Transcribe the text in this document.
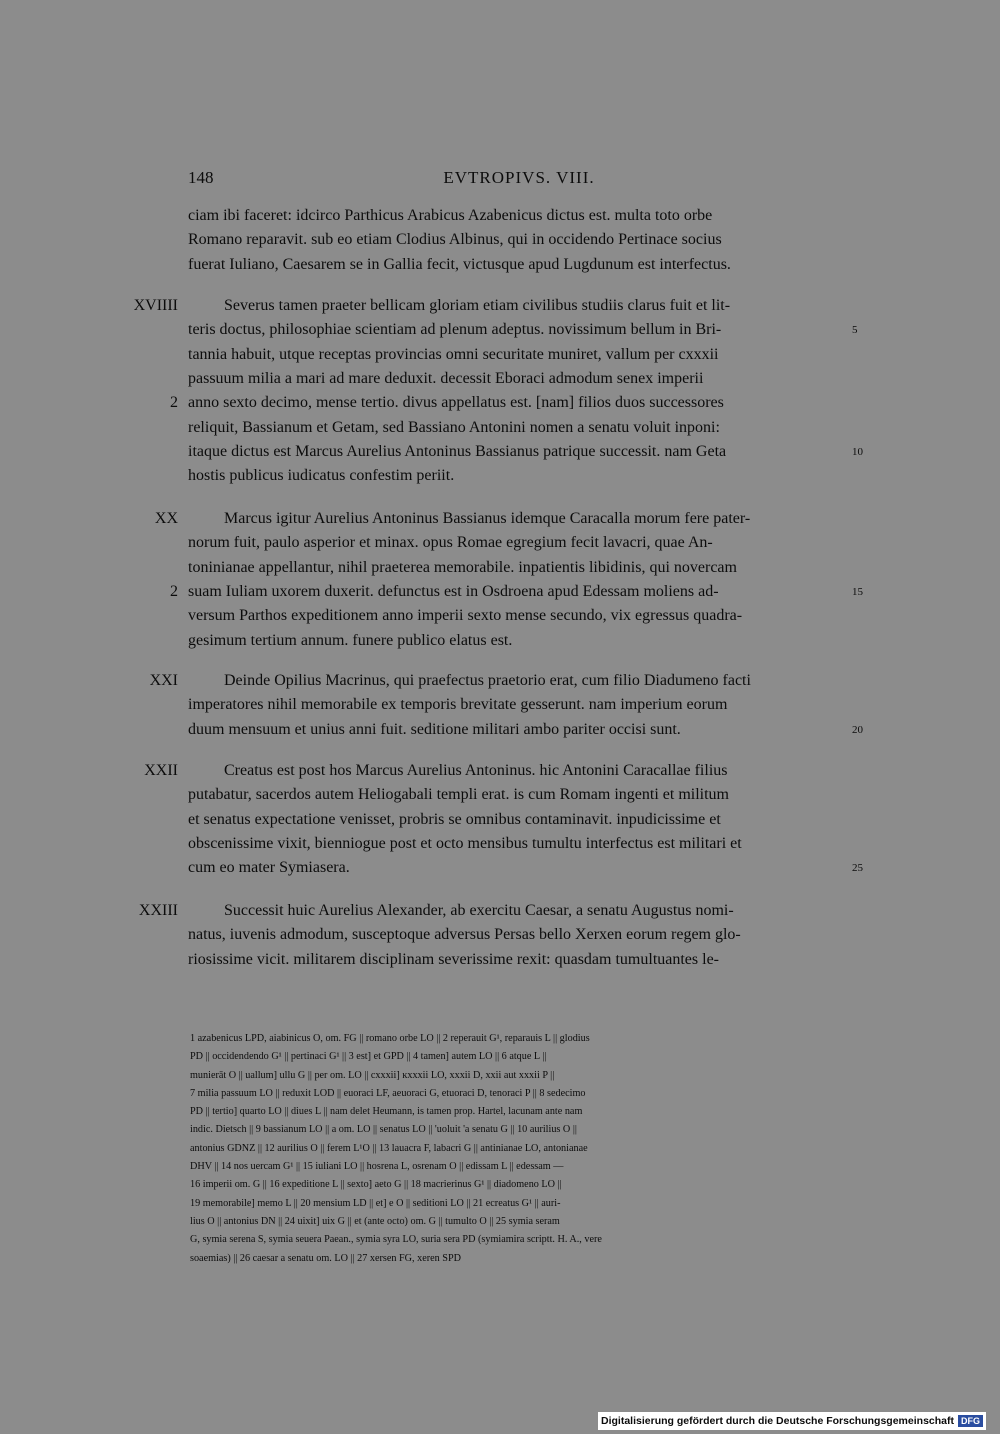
148	EVTROPIVS. VIII.
ciam ibi faceret: idcirco Parthicus Arabicus Azabenicus dictus est. multa toto orbe
Romano reparavit. sub eo etiam Clodius Albinus, qui in occidendo Pertinace socius
fuerat Iuliano, Caesarem se in Gallia fecit, victusque apud Lugdunum est interfectus.
XVIIII	Severus tamen praeter bellicam gloriam etiam civilibus studiis clarus fuit et lit-
teris doctus, philosophiae scientiam ad plenum adeptus. novissimum bellum in Bri-	5
tannia habuit, utque receptas provincias omni securitate muniret, vallum per cxxxii
passuum milia a mari ad mare deduxit. decessit Eboraci admodum senex imperii
anno sexto decimo, mense tertio. divus appellatus est. [nam] filios duos successores
2
reliquit, Bassianum et Getam, sed Bassiano Antonini nomen a senatu voluit inponi:
itaque dictus est Marcus Aurelius Antoninus Bassianus patrique successit. nam Geta	10
hostis publicus iudicatus confestim periit.
XX	Marcus igitur Aurelius Antoninus Bassianus idemque Caracalla morum fere pater-
norum fuit, paulo asperior et minax. opus Romae egregium fecit lavacri, quae An-
toninianae appellantur, nihil praeterea memorabile. inpatientis libidinis, qui novercam
suam Iuliam uxorem duxerit. defunctus est in Osdroena apud Edessam moliens ad-
2	15
versum Parthos expeditionem anno imperii sexto mense secundo, vix egressus quadra-
gesimum tertium annum. funere publico elatus est.
XXI	Deinde Opilius Macrinus, qui praefectus praetorio erat, cum filio Diadumeno facti
imperatores nihil memorabile ex temporis brevitate gesserunt. nam imperium eorum
duum mensuum et unius anni fuit. seditione militari ambo pariter occisi sunt.	20
XXII	Creatus est post hos Marcus Aurelius Antoninus. hic Antonini Caracallae filius
putabatur, sacerdos autem Heliogabali templi erat. is cum Romam ingenti et militum
et senatus expectatione venisset, probris se omnibus contaminavit. inpudicissime et
obscenissime vixit, bienniogue post et octo mensibus tumultu interfectus est militari et
cum eo mater Symiasera.	25
XXIII	Successit huic Aurelius Alexander, ab exercitu Caesar, a senatu Augustus nomi-
natus, iuvenis admodum, susceptoque adversus Persas bello Xerxen eorum regem glo-
riosissime vicit. militarem disciplinam severissime rexit: quasdam tumultuantes le-
1 azabenicus LPD, aiabinicus O, om. FG || romano orbe LO || 2 reperauit G¹, reparauis L || glodius
PD || occidendendo G¹ || pertinaci G¹ || 3 est] et GPD || 4 tamen] autem LO || 6 atque L ||
munierāt O || uallum] ullu G || per om. LO || cxxxii] ĸxxxii LO, xxxii D, xxii aut xxxii P ||
7 milia passuum LO || reduxit LOD || euoraci LF, aeuoraci G, etuoraci D, tenoraci P || 8 sedecimo
PD || tertio] quarto LO || diues L || nam delet Heumann, is tamen prop. Hartel, lacunam ante nam
indic. Dietsch || 9 bassianum LO || a om. LO || senatus LO || 'uoluit 'a senatu G || 10 aurilius O ||
antonius GDNZ || 12 aurilius O || ferem L¹O || 13 lauacra F, labacri G || antinianae LO, antonianae
DHV || 14 nos uercam G¹ || 15 iuliani LO || hosrena L, osrenam O || edissam L || edessam —
16 imperii om. G || 16 expeditione L || sexto] aeto G || 18 macrierinus G¹ || diadomeno LO ||
19 memorabile] memo L || 20 mensium LD || et] e O || seditioni LO || 21 ecreatus G¹ || auri-
lius O || antonius DN || 24 uixit] uix G || et (ante octo) om. G || tumulto O || 25 symia seram
G, symia serena S, symia seuera Paean., symia syra LO, suria sera PD (symiamira scriptt. H. A., vere
soaemias) || 26 caesar a senatu om. LO || 27 xersen FG, xeren SPD
Digitalisierung gefördert durch die Deutsche Forschungsgemeinschaft DFG
